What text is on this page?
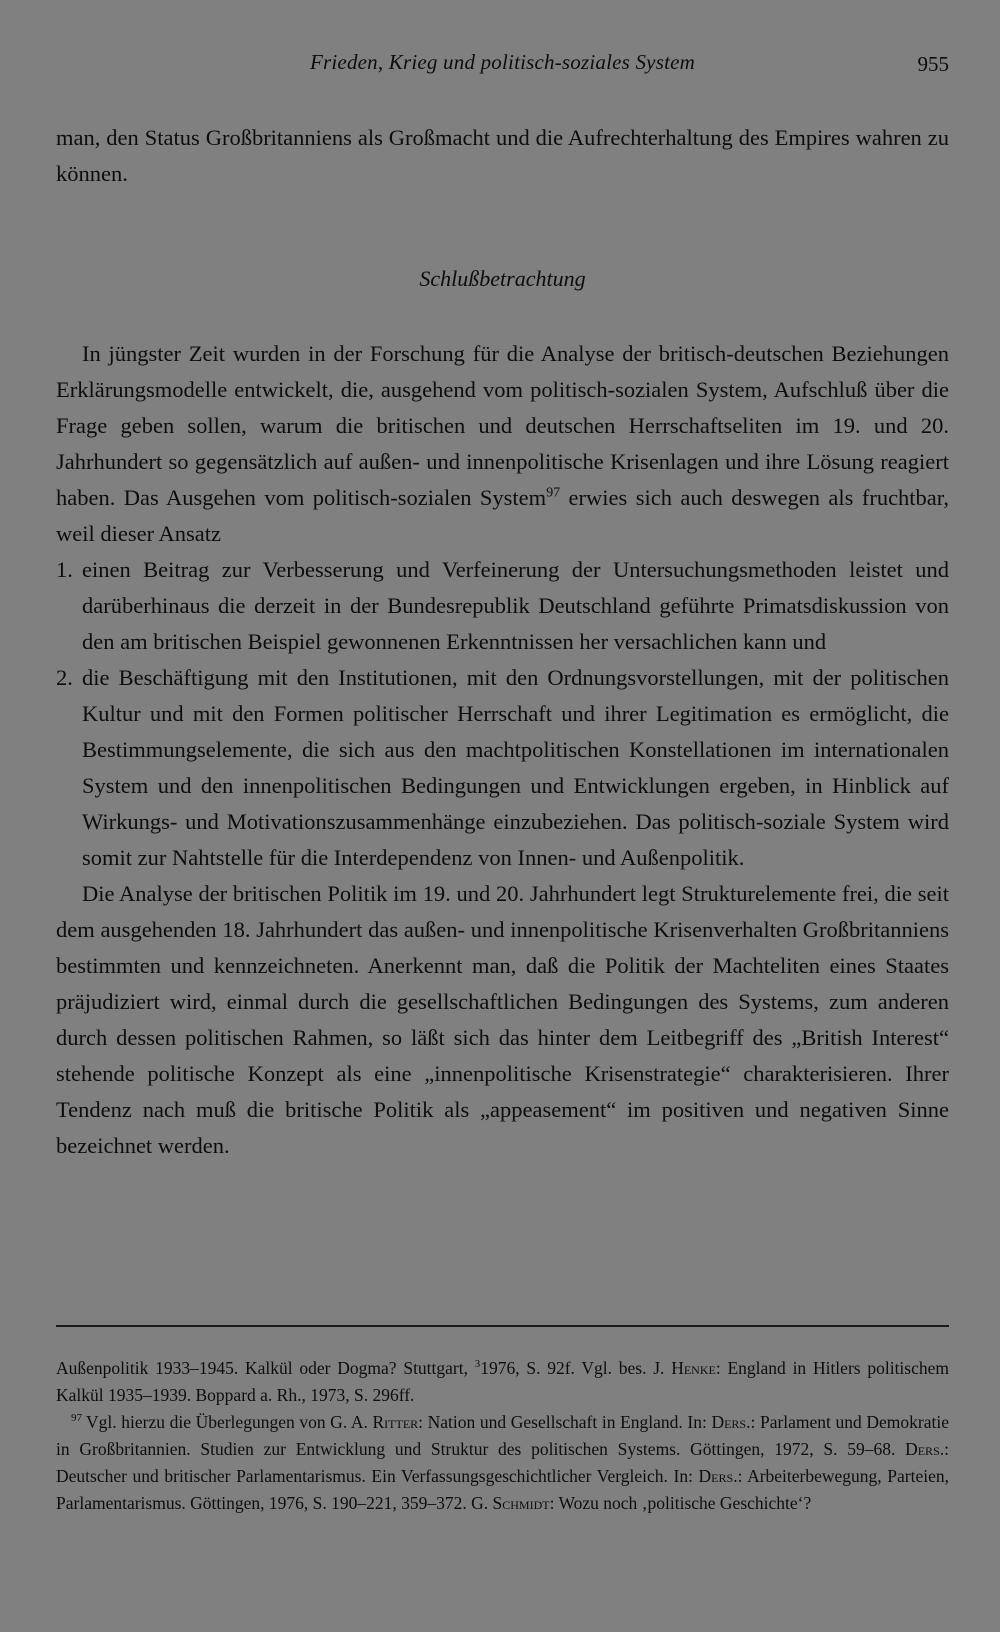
Frieden, Krieg und politisch-soziales System	955

man, den Status Großbritanniens als Großmacht und die Aufrechterhaltung des Empires wahren zu können.

Schlußbetrachtung

In jüngster Zeit wurden in der Forschung für die Analyse der britisch-deutschen Beziehungen Erklärungsmodelle entwickelt, die, ausgehend vom politisch-sozialen System, Aufschluß über die Frage geben sollen, warum die britischen und deutschen Herrschaftseliten im 19. und 20. Jahrhundert so gegensätzlich auf außen- und innenpolitische Krisenlagen und ihre Lösung reagiert haben. Das Ausgehen vom politisch-sozialen System$^{97}$ erwies sich auch deswegen als fruchtbar, weil dieser Ansatz

1. einen Beitrag zur Verbesserung und Verfeinerung der Untersuchungsmethoden leistet und darüberhinaus die derzeit in der Bundesrepublik Deutschland geführte Primatsdiskussion von den am britischen Beispiel gewonnenen Erkenntnissen her versachlichen kann und
2. die Beschäftigung mit den Institutionen, mit den Ordnungsvorstellungen, mit der politischen Kultur und mit den Formen politischer Herrschaft und ihrer Legitimation es ermöglicht, die Bestimmungselemente, die sich aus den machtpolitischen Konstellationen im internationalen System und den innenpolitischen Bedingungen und Entwicklungen ergeben, in Hinblick auf Wirkungs- und Motivationszusammenhänge einzubeziehen. Das politisch-soziale System wird somit zur Nahtstelle für die Interdependenz von Innen- und Außenpolitik.

Die Analyse der britischen Politik im 19. und 20. Jahrhundert legt Strukturelemente frei, die seit dem ausgehenden 18. Jahrhundert das außen- und innenpolitische Krisenverhalten Großbritanniens bestimmten und kennzeichneten. Anerkennt man, daß die Politik der Machteliten eines Staates präjudiziert wird, einmal durch die gesellschaftlichen Bedingungen des Systems, zum anderen durch dessen politischen Rahmen, so läßt sich das hinter dem Leitbegriff des „British Interest“ stehende politische Konzept als eine „innenpolitische Krisenstrategie“ charakterisieren. Ihrer Tendenz nach muß die britische Politik als „appeasement“ im positiven und negativen Sinne bezeichnet werden.

Außenpolitik 1933–1945. Kalkül oder Dogma? Stuttgart, $^3$1976, S. 92f. Vgl. bes. J. Henke: England in Hitlers politischem Kalkül 1935–1939. Boppard a. Rh., 1973, S. 296ff.

$^{97}$ Vgl. hierzu die Überlegungen von G. A. Ritter: Nation und Gesellschaft in England. In: Ders.: Parlament und Demokratie in Großbritannien. Studien zur Entwicklung und Struktur des politischen Systems. Göttingen, 1972, S. 59–68. Ders.: Deutscher und britischer Parlamentarismus. Ein Verfassungsgeschichtlicher Vergleich. In: Ders.: Arbeiterbewegung, Parteien, Parlamentarismus. Göttingen, 1976, S. 190–221, 359–372. G. Schmidt: Wozu noch ‚politische Geschichte‘?
